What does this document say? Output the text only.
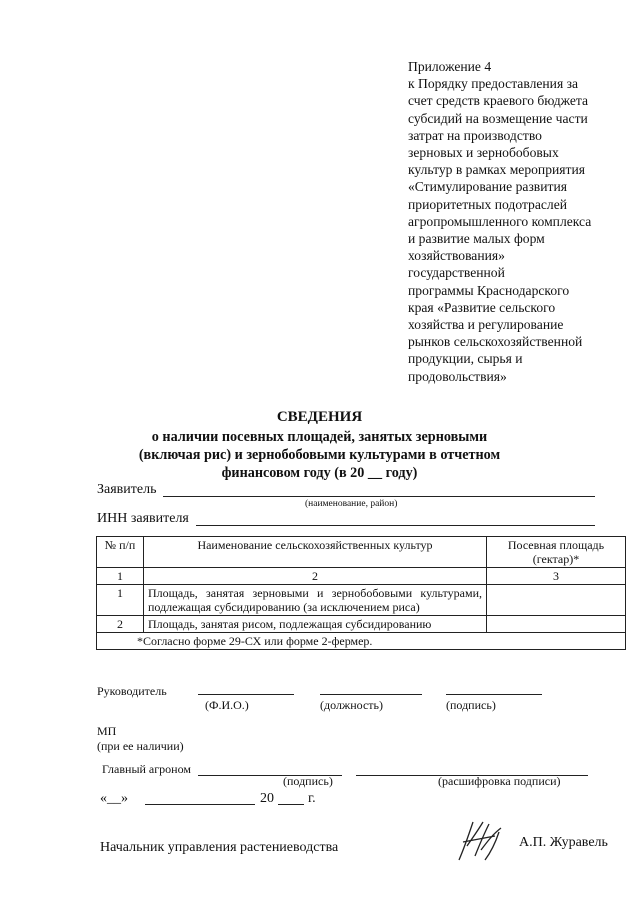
Приложение 4
к Порядку предоставления за
счет средств краевого бюджета
субсидий на возмещение части
затрат на производство
зерновых и зернобобовых
культур в рамках мероприятия
«Стимулирование развития
приоритетных подотраслей
агропромышленного комплекса
и развитие малых форм
хозяйствования»
государственной
программы Краснодарского
края «Развитие сельского
хозяйства и регулирование
рынков сельскохозяйственной
продукции, сырья и
продовольствия»
СВЕДЕНИЯ
о наличии посевных площадей, занятых зерновыми
(включая рис) и зернобобовыми культурами в отчетном
финансовом году (в 20 __ году)
Заявитель
(наименование, район)
ИНН заявителя
№ п/п	Наименование сельскохозяйственных культур	Посевная площадь (гектар)*
1	2	3
1	Площадь, занятая зерновыми и зернобобовыми культурами, подлежащая субсидированию (за исключением риса)	
2	Площадь, занятая рисом, подлежащая субсидированию	
*Согласно форме 29-СХ или форме 2-фермер.		
Руководитель
(Ф.И.О.)	(должность)	(подпись)
МП
(при ее наличии)
Главный агроном
(подпись)	(расшифровка подписи)
«__»	20 г.
Начальник управления растениеводства	А.П. Журавель
